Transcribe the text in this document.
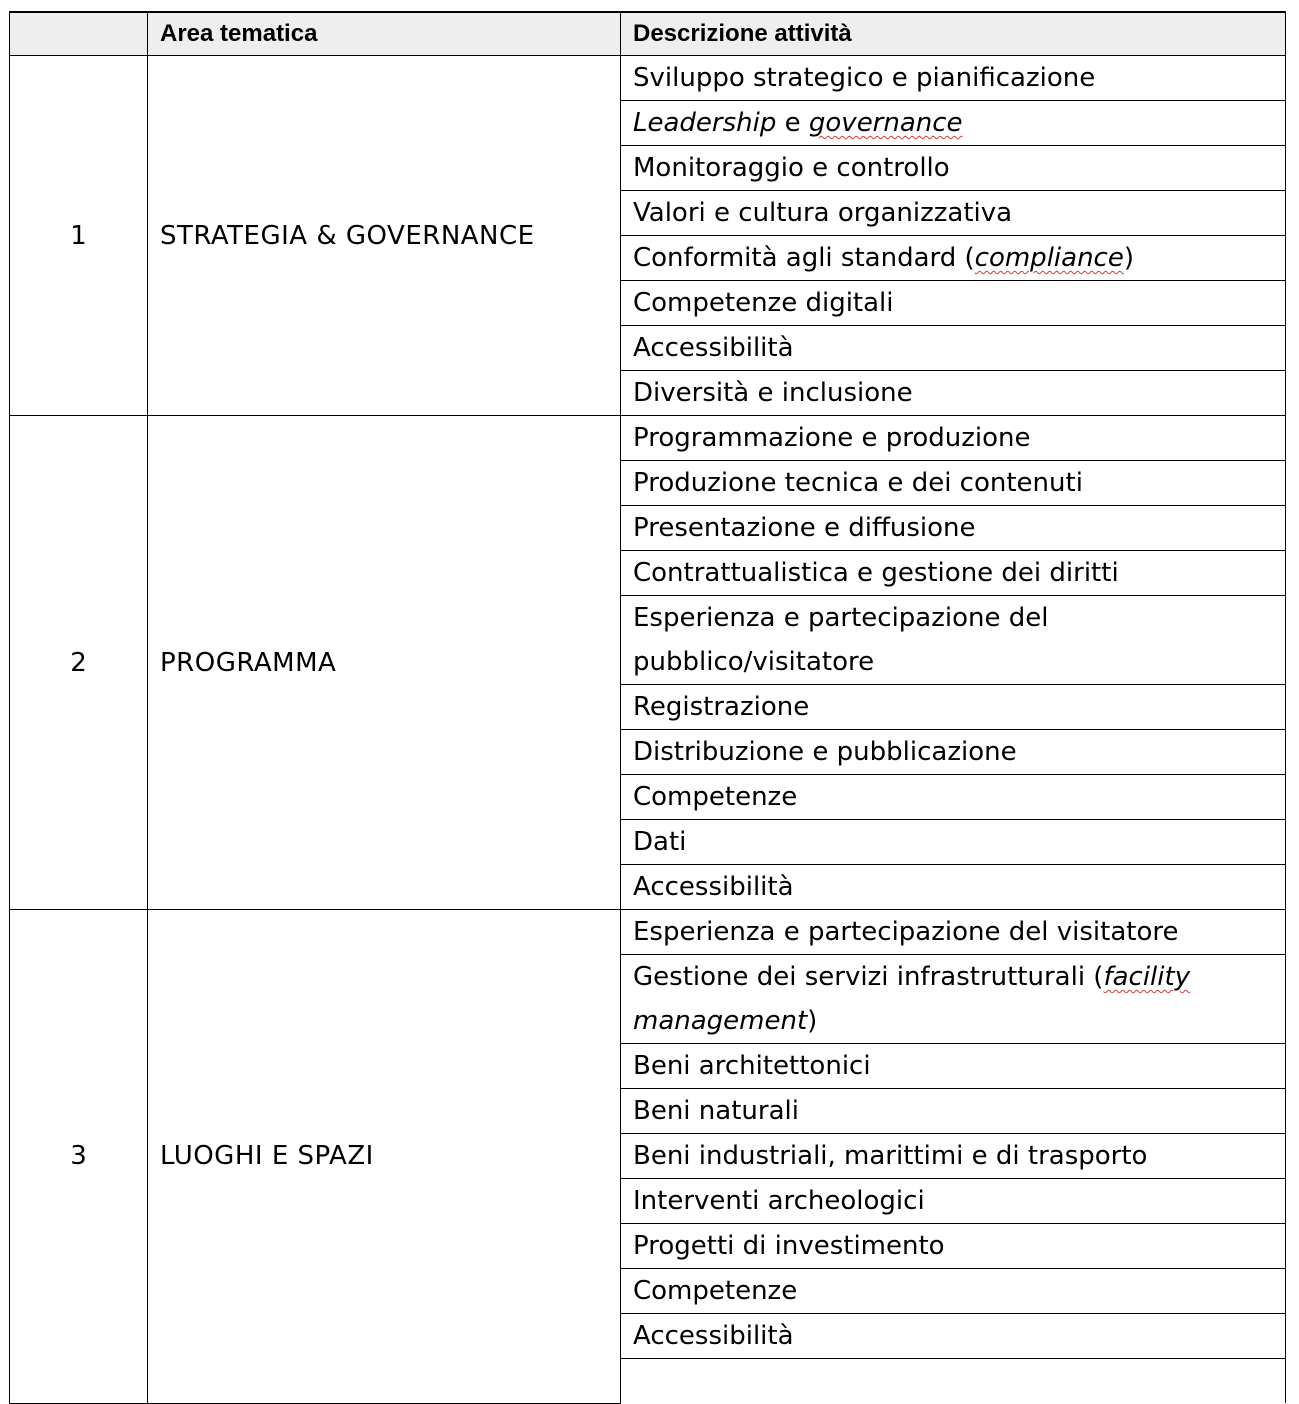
	Area tematica	Descrizione attività
1	STRATEGIA & GOVERNANCE	Sviluppo strategico e pianificazione
		Leadership e governance
		Monitoraggio e controllo
		Valori e cultura organizzativa
		Conformità agli standard (compliance)
		Competenze digitali
		Accessibilità
		Diversità e inclusione
2	PROGRAMMA	Programmazione e produzione
		Produzione tecnica e dei contenuti
		Presentazione e diffusione
		Contrattualistica e gestione dei diritti
		Esperienza e partecipazione del pubblico/visitatore
		Registrazione
		Distribuzione e pubblicazione
		Competenze
		Dati
		Accessibilità
3	LUOGHI E SPAZI	Esperienza e partecipazione del visitatore
		Gestione dei servizi infrastrutturali (facility management)
		Beni architettonici
		Beni naturali
		Beni industriali, marittimi e di trasporto
		Interventi archeologici
		Progetti di investimento
		Competenze
		Accessibilità
